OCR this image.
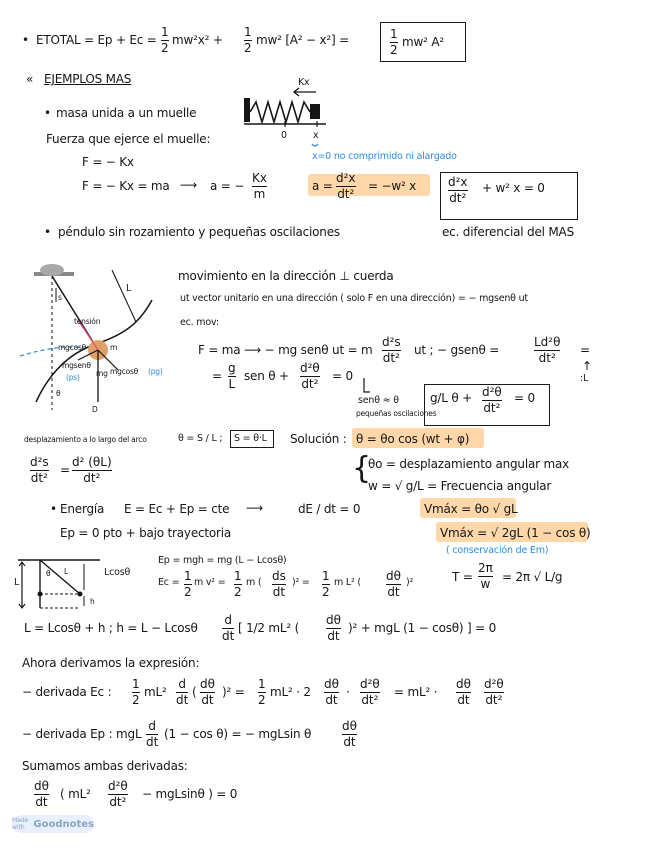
• ETOTAL = Ep + Ec =
1
2
mw²x² +
1
2
mw² [A² − x²] =	1
2
mw² A²
« EJEMPLOS MAS
• masa unida a un muelle
Fuerza que ejerce el muelle:
F = − Kx
F = − Kx = ma ⟶ a = −
Kx
m
Kx
0	x
x=0 no comprimido ni alargado
a =
d²x
dt²
= −w² x	d²x
dt²
+ w² x = 0
• péndulo sin rozamiento y pequeñas oscilaciones	ec. diferencial del MAS
L
s
tensión
mgcosθ
mgsenθ
(ps) mg
m
mgcosθ (pg)
θ
D
movimiento en la dirección ⊥ cuerda
ut vector unitario en una dirección ( solo F en una dirección) = − mgsenθ ut
ec. mov:
F = ma ⟶ − mg senθ ut = m
d²s
dt²
ut ; − gsenθ =
Ld²θ
dt²
=
↑
:L
=
g
L
sen θ +
d²θ
dt²
= 0
senθ ≈ θ
pequeñas oscilaciones
g/L θ + d²θ
dt²
= 0
desplazamiento a lo largo del arco	θ = S / L ; S = θ·L Solución : θ = θo cos (wt + φ)
d²s
dt²
=
d² (θL)
dt²	{
θo = desplazamiento angular max
w = √ g/L = Frecuencia angular
• Energía E = Ec + Ep = cte ⟶	dE / dt = 0
Ep = 0 pto + bajo trayectoria
Vmáx = θo √ gL
Vmáx = √ 2gL (1 − cos θ)
( conservación de Em)
T =
2π
w
= 2π √ L/g
L
θ L	Lcosθ
h
Ep = mgh = mg (L − Lcosθ)
Ec = 1
2
m v² = 1
2
m ( ds
dt
)² = 1
2
m L² ( dθ
dt
)²
L = Lcosθ + h ; h = L − Lcosθ
d
dt
[ 1/2 mL² (
dθ
dt
)² + mgL (1 − cosθ) ] = 0
Ahora derivamos la expresión:
− derivada Ec :
1
2
mL²
d
dt
(
dθ
dt
)² =
1
2
mL² · 2
dθ
dt
·
d²θ
dt²
= mL² ·
dθ
dt
d²θ
dt²
− derivada Ep : mgL
d
dt
(1 − cos θ) = − mgLsin θ
dθ
dt
Sumamos ambas derivadas:
dθ
dt
( mL²
d²θ
dt²
− mgLsinθ ) = 0
Made with Goodnotes
